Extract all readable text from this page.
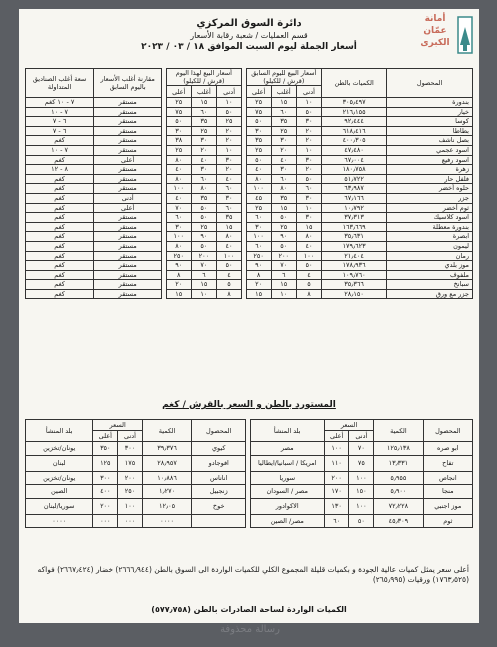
أمانة
عمّان
الكبرى
دائرة السوق المركزي
قسم العمليات / شعبة رقابة الأسعار
أسعار الجملة ليوم السبت الموافق ١٨ / ٠٣ / ٢٠٢٣
المحصول	الكميات بالطن	أسعار البيع لليوم السابق (قرش / للكيلو)				أسعار البيع لهذا اليوم (قرش / للكيلو)				مقارنة أغلب الأسعار باليوم السابق	سعة أغلب الصناديق المتداولة
		أدنى	أغلب	أعلى		أدنى	أغلب	أعلى			
بندورة	٣٠٥٫٤٩٧	١٠	١٥	٢٥		١٠	١٥	٢٥		مستقر	٧ - ١٠ كغم
خيار	٢١٦٫١٥٥	٥٠	٦٠	٧٥		٥٠	٦٠	٧٥		مستقر	٧ - ١٠
كوسا	٩٢٫٤٤٤	٣٠	٣٥	٥٠		٢٥	٣٥	٥٠		مستقر	٦ - ٧
بطاطا	٦١٨٫٤١٦	٢٠	٢٥	٣٠		٢٠	٢٥	٣٠		مستقر	٦ - ٧
بصل ناشف	٤٠٠٫٣٠٥	٢٠	٣٠	٣٥		٢٠	٣٠	٣٨		مستقر	كغم
اسود عجمي	٤٧٫٤٨٠	١٠	٢٠	٢٥		١٠	٢٠	٢٥		مستقر	٧ - ١٠
اسود رفيع	٦٧٫٠٠٤	٣٠	٤٠	٥٠		٣٠	٤٠	٨٠		أعلى	كغم
زهرة	١٨٠٫٧٥٨	٢٠	٣٠	٤٠		٢٠	٣٠	٤٠		مستقر	٨ - ١٢
فلفل حار	٥١٫٧٢٢	٥٠	٦٠	٨٠		٤٠	٦٠	٨٠		مستقر	كغم
حلوه أخضر	٦٣٫٩٨٧	٦٠	٨٠	١٠٠		٦٠	٨٠	١٠٠		مستقر	كغم
جزر	٦٧٫١٦٦	٣٠	٣٥	٤٥		٣٠	٣٥	٤٠		أدنى	كغم
ثوم أخضر	١٠٫٧٩٢	١٠	١٥	٢٥		٦٠	٥٠	٧٠		أعلى	كغم
اسود كلاسيك	٣٧٫٣١٣	٣٠	٥٠	٦٠		٣٥	٥٠	٦٠		مستقر	كغم
بندورة معطلة	١٦٣٫٦٦٩	١٥	٢٥	٣٠		١٥	٢٥	٣٠		مستقر	كغم
ابصرة	٣٥٫٦٣١	٨٠	٩٠	١٠٠		٨٠	٩٠	١٠٠		مستقر	كغم
ليمون	١٧٩٫٦٢٣	٤٠	٥٠	٦٠		٤٠	٥٠	٨٠		مستقر	كغم
رمان	٢١٫٤٠٤	١٠٠	٢٠٠	٢٥٠		١٠٠	٢٠٠	٢٥٠		مستقر	كغم
موز بلدي	١٧٨٫٩٣٦	٥٠	٧٠	٩٠		٥٠	٧٠	٩٠		مستقر	كغم
ملفوف	١٠٩٫٧٦٠	٤	٦	٨		٤	٦	٨		مستقر	كغم
سبانخ	٣٥٫٣٦٦	٥	١٥	٢٠		٥	١٥	٢٠		مستقر	كغم
جزر مع ورق	٢٨٫١٥٠	٨	١٠	١٥		٨	١٠	١٥		مستقر	كغم
المستورد بالطن و السعر بالقرش / كغم
المحصول	الكمية	السعر		بلد المنشأ		المحصول	الكمية	السعر		بلد المنشأ
		أدنى	أعلى					أدنى	أعلى	
ابو صره	١٢٥٫١٣٨	٧٠	١٠٠	مصر		كيوي	٣٩٫٣٧٦	٣٠٠	٣٥٠	يونان/تخزين
تفاح	١٣٫٣٣١	٧٥	١١٠	امريكا / اسبانيا/ايطاليا		افوجادو	٢٨٫٩٥٧	١٧٥	١٢٥	لبنان
انجاص	٥٫٩٥٥	١٠٠	٢٠٠	سوريا		اناناس	١٠٫٨٨٦	٢٠٠	٣٠٠	يونان/تخزين
منجا	٥٫٩٠٠	١٥٠	١٧٠	مصر / السودان		زنجبيل	١٫٢٧٠	٢٥٠	٤٠٠	الصين
موز اجنبي	٧٢٫٢٢٨	١٠٠	١٣٠	الاكوادور		خوخ	١٢٫٠٥	١٠٠	٢٠٠	سوريا/لبنان
ثوم	٤٥٫٣٠٩	٥٠	٦٠	مصر/ الصين			٠٠٠٠	٠٠٠	٠٠٠	٠٠٠٠
أعلى سعر يمثل كميات عالية الجودة و بكميات قليلة المجموع الكلي للكميات الواردة الى السوق بالطن (٢٦٦٦٫٩٤٤) خضار (٢٦٦٧٫٤٢٤) فواكه (١٧٦٣٫٥٢٥) ورقيات (٢٦٥٫٩٩٥)
الكميات الواردة لساحة الصادرات بالطن (٥٧٧٫٧٥٨)
رسالة محذوفة
